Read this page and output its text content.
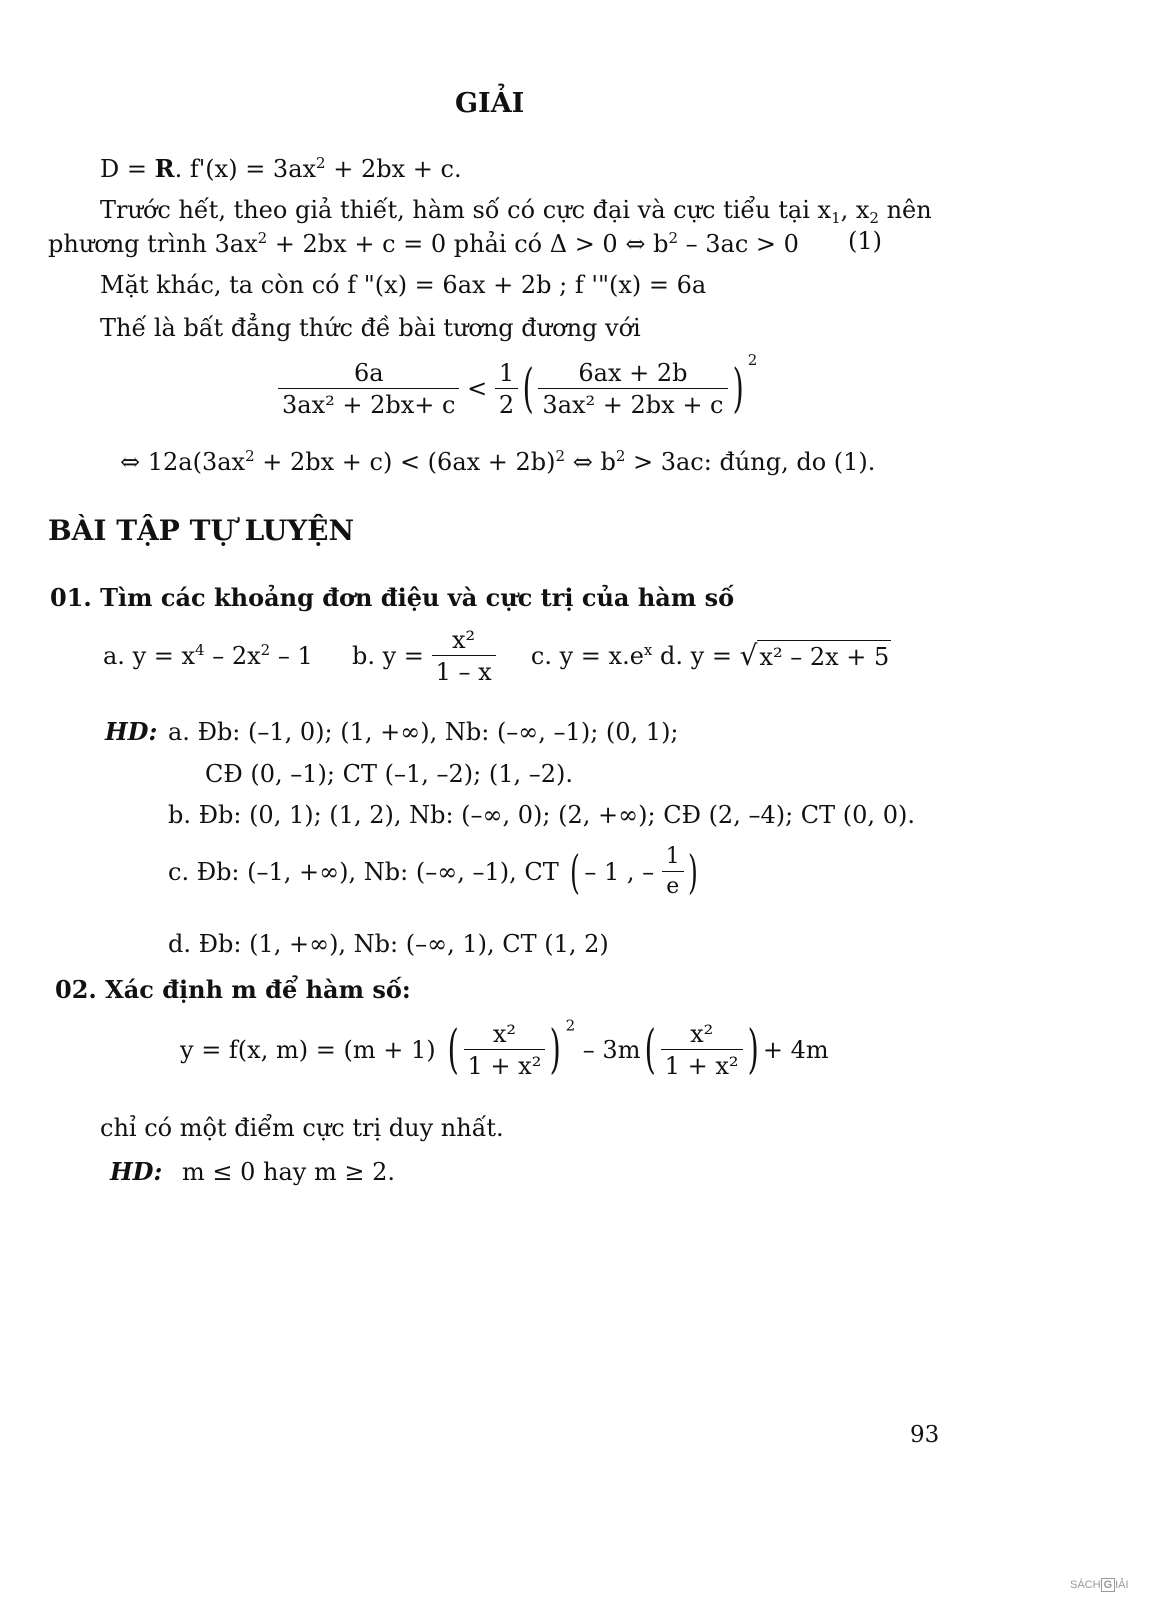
GIẢI
D = R. $f'(x) = 3ax^2 + 2bx + c$.
Trước hết, theo giả thiết, hàm số có cực đại và cực tiểu tại $x_1$, $x_2$ nên
phương trình $3ax^2 + 2bx + c = 0$ phải có Δ > 0 ⇔ $b^2 - 3ac > 0$ (1)
Mặt khác, ta còn có f "(x) = 6ax + 2b ; f '"(x) = 6a
Thế là bất đẳng thức đề bài tương đương với
$\frac{6a}{\text{3ax² + 2bx+ c}} < \frac{1}{2}$ ( $\frac{6ax + 2b}{\text{3ax² + 2bx + c}}$ ) $^2$
⇔ $12a(3ax^2 + 2bx + c) < (6ax + 2b)^2$ ⇔ $b^2 > 3ac$: đúng, do (1).
BÀI TẬP TỰ LUYỆN
01. Tìm các khoảng đơn điệu và cực trị của hàm số
a. $y = x^4 - 2x^2 - 1$ b. $y = \frac{\text{x²}}{1 - x} c$. $y = x.e^x$ d. y = √x² – 2x + 5
HD: a. Đb: (–1, 0); (1, +∞), Nb: (–∞, –1); (0, 1);
CĐ (0, –1); CT (–1, –2); (1, –2).
b. Đb: (0, 1); (1, 2), Nb: (–∞, 0); (2, +∞); CĐ (2, –4); CT (0, 0).
c. Đb: (–1, +∞), Nb: (–∞, –1), CT ( – 1 , – $\frac{1}{e}$ )
d. Đb: (1, +∞), Nb: (–∞, 1), CT (1, 2)
02. Xác định m để hàm số:
y = f(x, m) = (m + 1) ( $\frac{\text{x²}}{\text{1 + x²}}$ ) $^2 - 3m( \frac{\text{x²}}{\text{1 + x²}}$ ) + 4m
chỉ có một điểm cực trị duy nhất.
HD: m ≤ 0 hay m ≥ 2.
93
SÁCH G IẢI
